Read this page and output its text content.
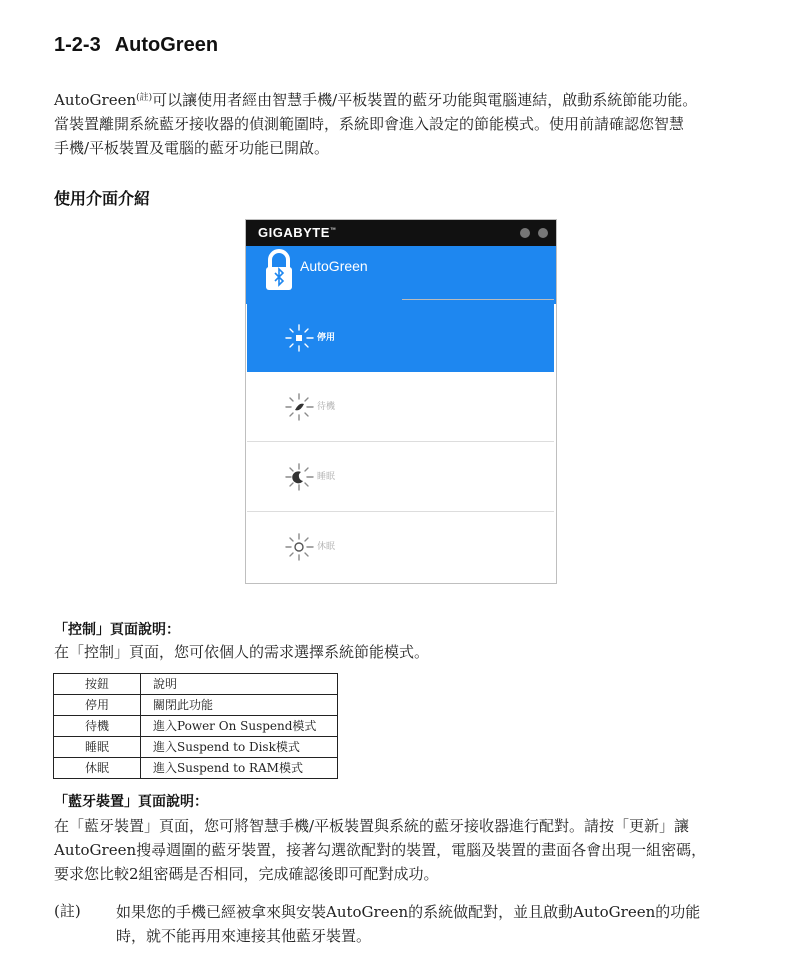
1-2-3 AutoGreen
AutoGreen$^{(註)}$可以讓使用者經由智慧手機/平板裝置的藍牙功能與電腦連結，啟動系統節能功能。
當裝置離開系統藍牙接收器的偵測範圍時，系統即會進入設定的節能模式。使用前請確認您智慧
手機/平板裝置及電腦的藍牙功能已開啟。
使用介面介紹
GIGABYTE™
AutoGreen
停用
待機
睡眠
休眠
「控制」頁面說明：
在「控制」頁面，您可依個人的需求選擇系統節能模式。
按鈕	說明
停用	關閉此功能
待機	進入Power On Suspend模式
睡眠	進入Suspend to Disk模式
休眠	進入Suspend to RAM模式
「藍牙裝置」頁面說明：
在「藍牙裝置」頁面，您可將智慧手機/平板裝置與系統的藍牙接收器進行配對。請按「更新」讓
AutoGreen搜尋週圍的藍牙裝置，接著勾選欲配對的裝置，電腦及裝置的畫面各會出現一組密碼，
要求您比較2組密碼是否相同，完成確認後即可配對成功。
(註) 如果您的手機已經被拿來與安裝AutoGreen的系統做配對，並且啟動AutoGreen的功能
時，就不能再用來連接其他藍牙裝置。
